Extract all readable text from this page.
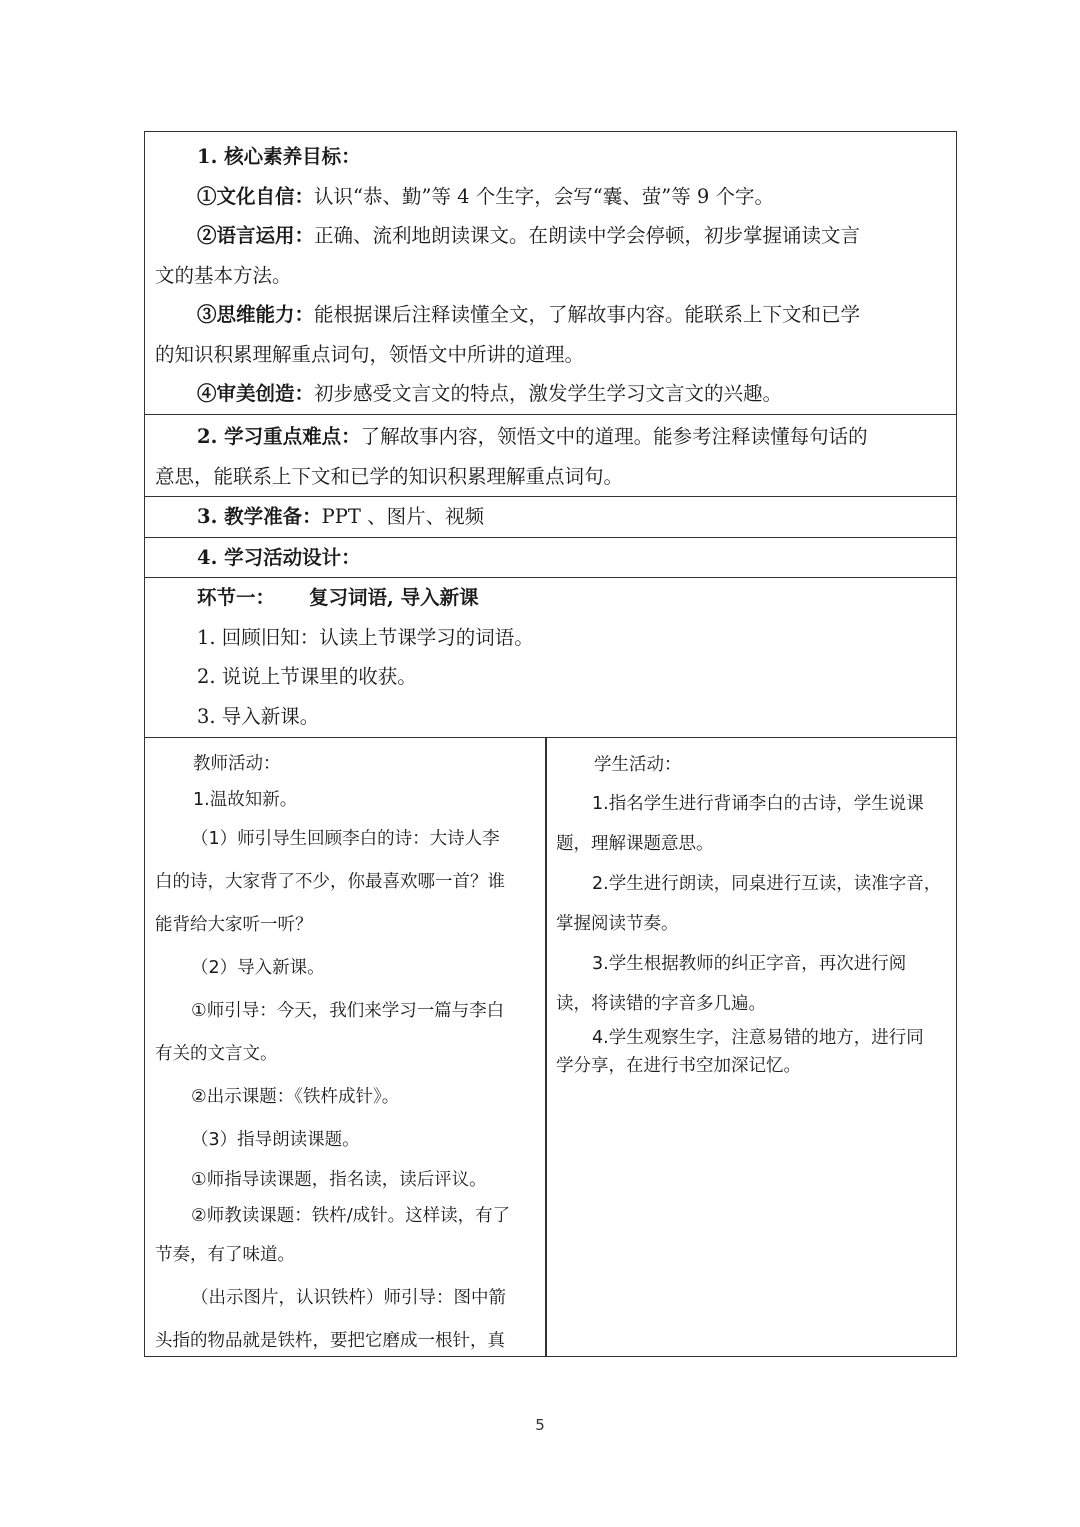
1. 核心素养目标：
①文化自信：认识“恭、勤”等 4 个生字，会写“囊、萤”等 9 个字。
②语言运用：正确、流利地朗读课文。在朗读中学会停顿，初步掌握诵读文言
文的基本方法。
③思维能力：能根据课后注释读懂全文，了解故事内容。能联系上下文和已学
的知识积累理解重点词句，领悟文中所讲的道理。
④审美创造：初步感受文言文的特点，激发学生学习文言文的兴趣。
2. 学习重点难点：了解故事内容，领悟文中的道理。能参考注释读懂每句话的
意思，能联系上下文和已学的知识积累理解重点词句。
3. 教学准备：PPT 、图片、视频
4. 学习活动设计：
环节一： 复习词语, 导入新课
1. 回顾旧知：认读上节课学习的词语。
2. 说说上节课里的收获。
3. 导入新课。
教师活动：
1.温故知新。
（1）师引导生回顾李白的诗：大诗人李
白的诗，大家背了不少，你最喜欢哪一首？谁
能背给大家听一听？
（2）导入新课。
①师引导：今天，我们来学习一篇与李白
有关的文言文。
②出示课题：《铁杵成针》。
（3）指导朗读课题。
①师指导读课题，指名读，读后评议。
②师教读课题：铁杵/成针。这样读，有了
节奏，有了味道。
（出示图片，认识铁杵）师引导：图中箭
头指的物品就是铁杵，要把它磨成一根针，真
学生活动：
1.指名学生进行背诵李白的古诗，学生说课
题，理解课题意思。
2.学生进行朗读，同桌进行互读，读准字音，
掌握阅读节奏。
3.学生根据教师的纠正字音，再次进行阅
读，将读错的字音多几遍。
4.学生观察生字，注意易错的地方，进行同
学分享，在进行书空加深记忆。
5
